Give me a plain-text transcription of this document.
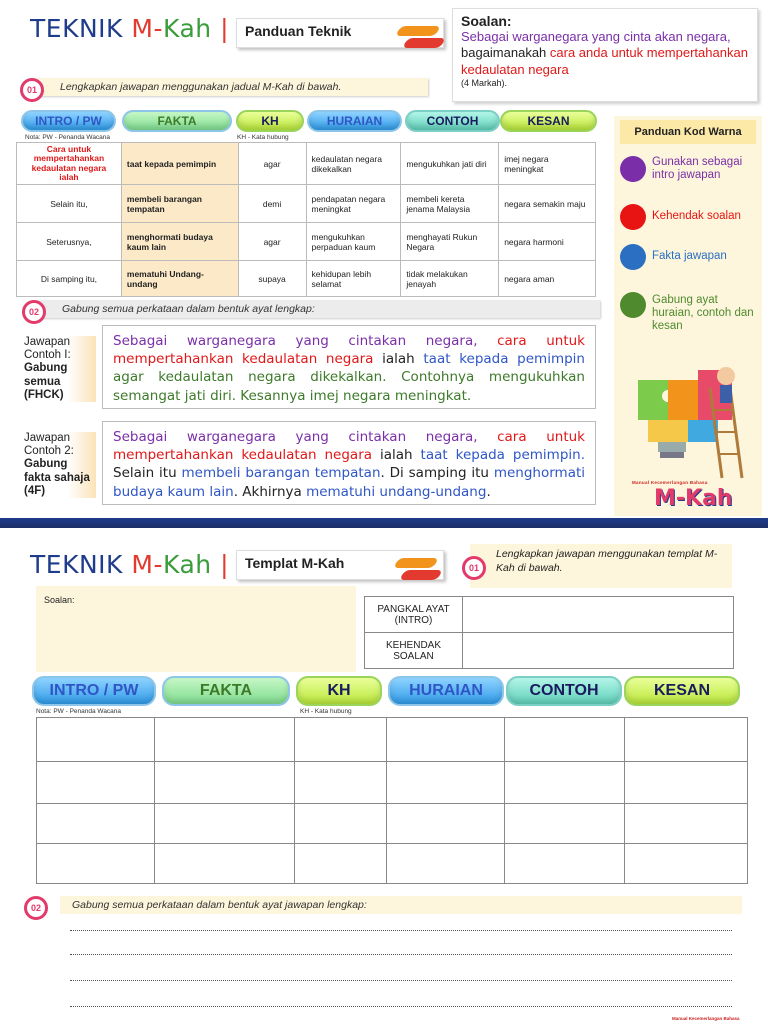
TEKNIK M-Kah |	Panduan Teknik
Soalan:
Sebagai warganegara yang cinta akan negara, bagaimanakah cara anda untuk mempertahankan kedaulatan negara
(4 Markah).
01	Lengkapkan jawapan menggunakan jadual M-Kah di bawah.
INTRO / PW	FAKTA	KH	HURAIAN	CONTOH	KESAN
Nota: PW - Penanda Wacana	KH - Kata hubung
Cara untuk mempertahankan kedaulatan negara ialah	taat kepada pemimpin	agar	kedaulatan negara dikekalkan	mengukuhkan jati diri	imej negara meningkat
Selain itu,	membeli barangan tempatan	demi	pendapatan negara meningkat	membeli kereta jenama Malaysia	negara semakin maju
Seterusnya,	menghormati budaya kaum lain	agar	mengukuhkan perpaduan kaum	menghayati Rukun Negara	negara harmoni
Di samping itu,	mematuhi Undang-undang	supaya	kehidupan lebih selamat	tidak melakukan jenayah	negara aman
02	Gabung semua perkataan dalam bentuk ayat lengkap:
Jawapan
Contoh I:
Gabung
semua
(FHCK)
Sebagai warganegara yang cintakan negara, cara untuk mempertahankan kedaulatan negara ialah taat kepada pemimpin agar kedaulatan negara dikekalkan. Contohnya mengukuhkan semangat jati diri. Kesannya imej negara meningkat.
Jawapan
Contoh 2:
Gabung
fakta sahaja
(4F)
Sebagai warganegara yang cintakan negara, cara untuk mempertahankan kedaulatan negara ialah taat kepada pemimpin. Selain itu membeli barangan tempatan. Di samping itu menghormati budaya kaum lain. Akhirnya mematuhi undang-undang.
Panduan Kod Warna
Gunakan sebagai intro jawapan
Kehendak soalan
Fakta jawapan
Gabung ayat huraian, contoh dan kesan
Manual Kecemerlangan Bahasa
M-Kah
TEKNIK M-Kah |	Templat M-Kah	01
Lengkapkan jawapan menggunakan templat M-Kah di bawah.
Soalan:
PANGKAL AYAT (INTRO)	
KEHENDAK SOALAN	
INTRO / PW	FAKTA	KH	HURAIAN	CONTOH	KESAN
Nota: PW - Penanda Wacana	KH - Kata hubung

02	Gabung semua perkataan dalam bentuk ayat jawapan lengkap:
Manual Kecemerlangan Bahasa
